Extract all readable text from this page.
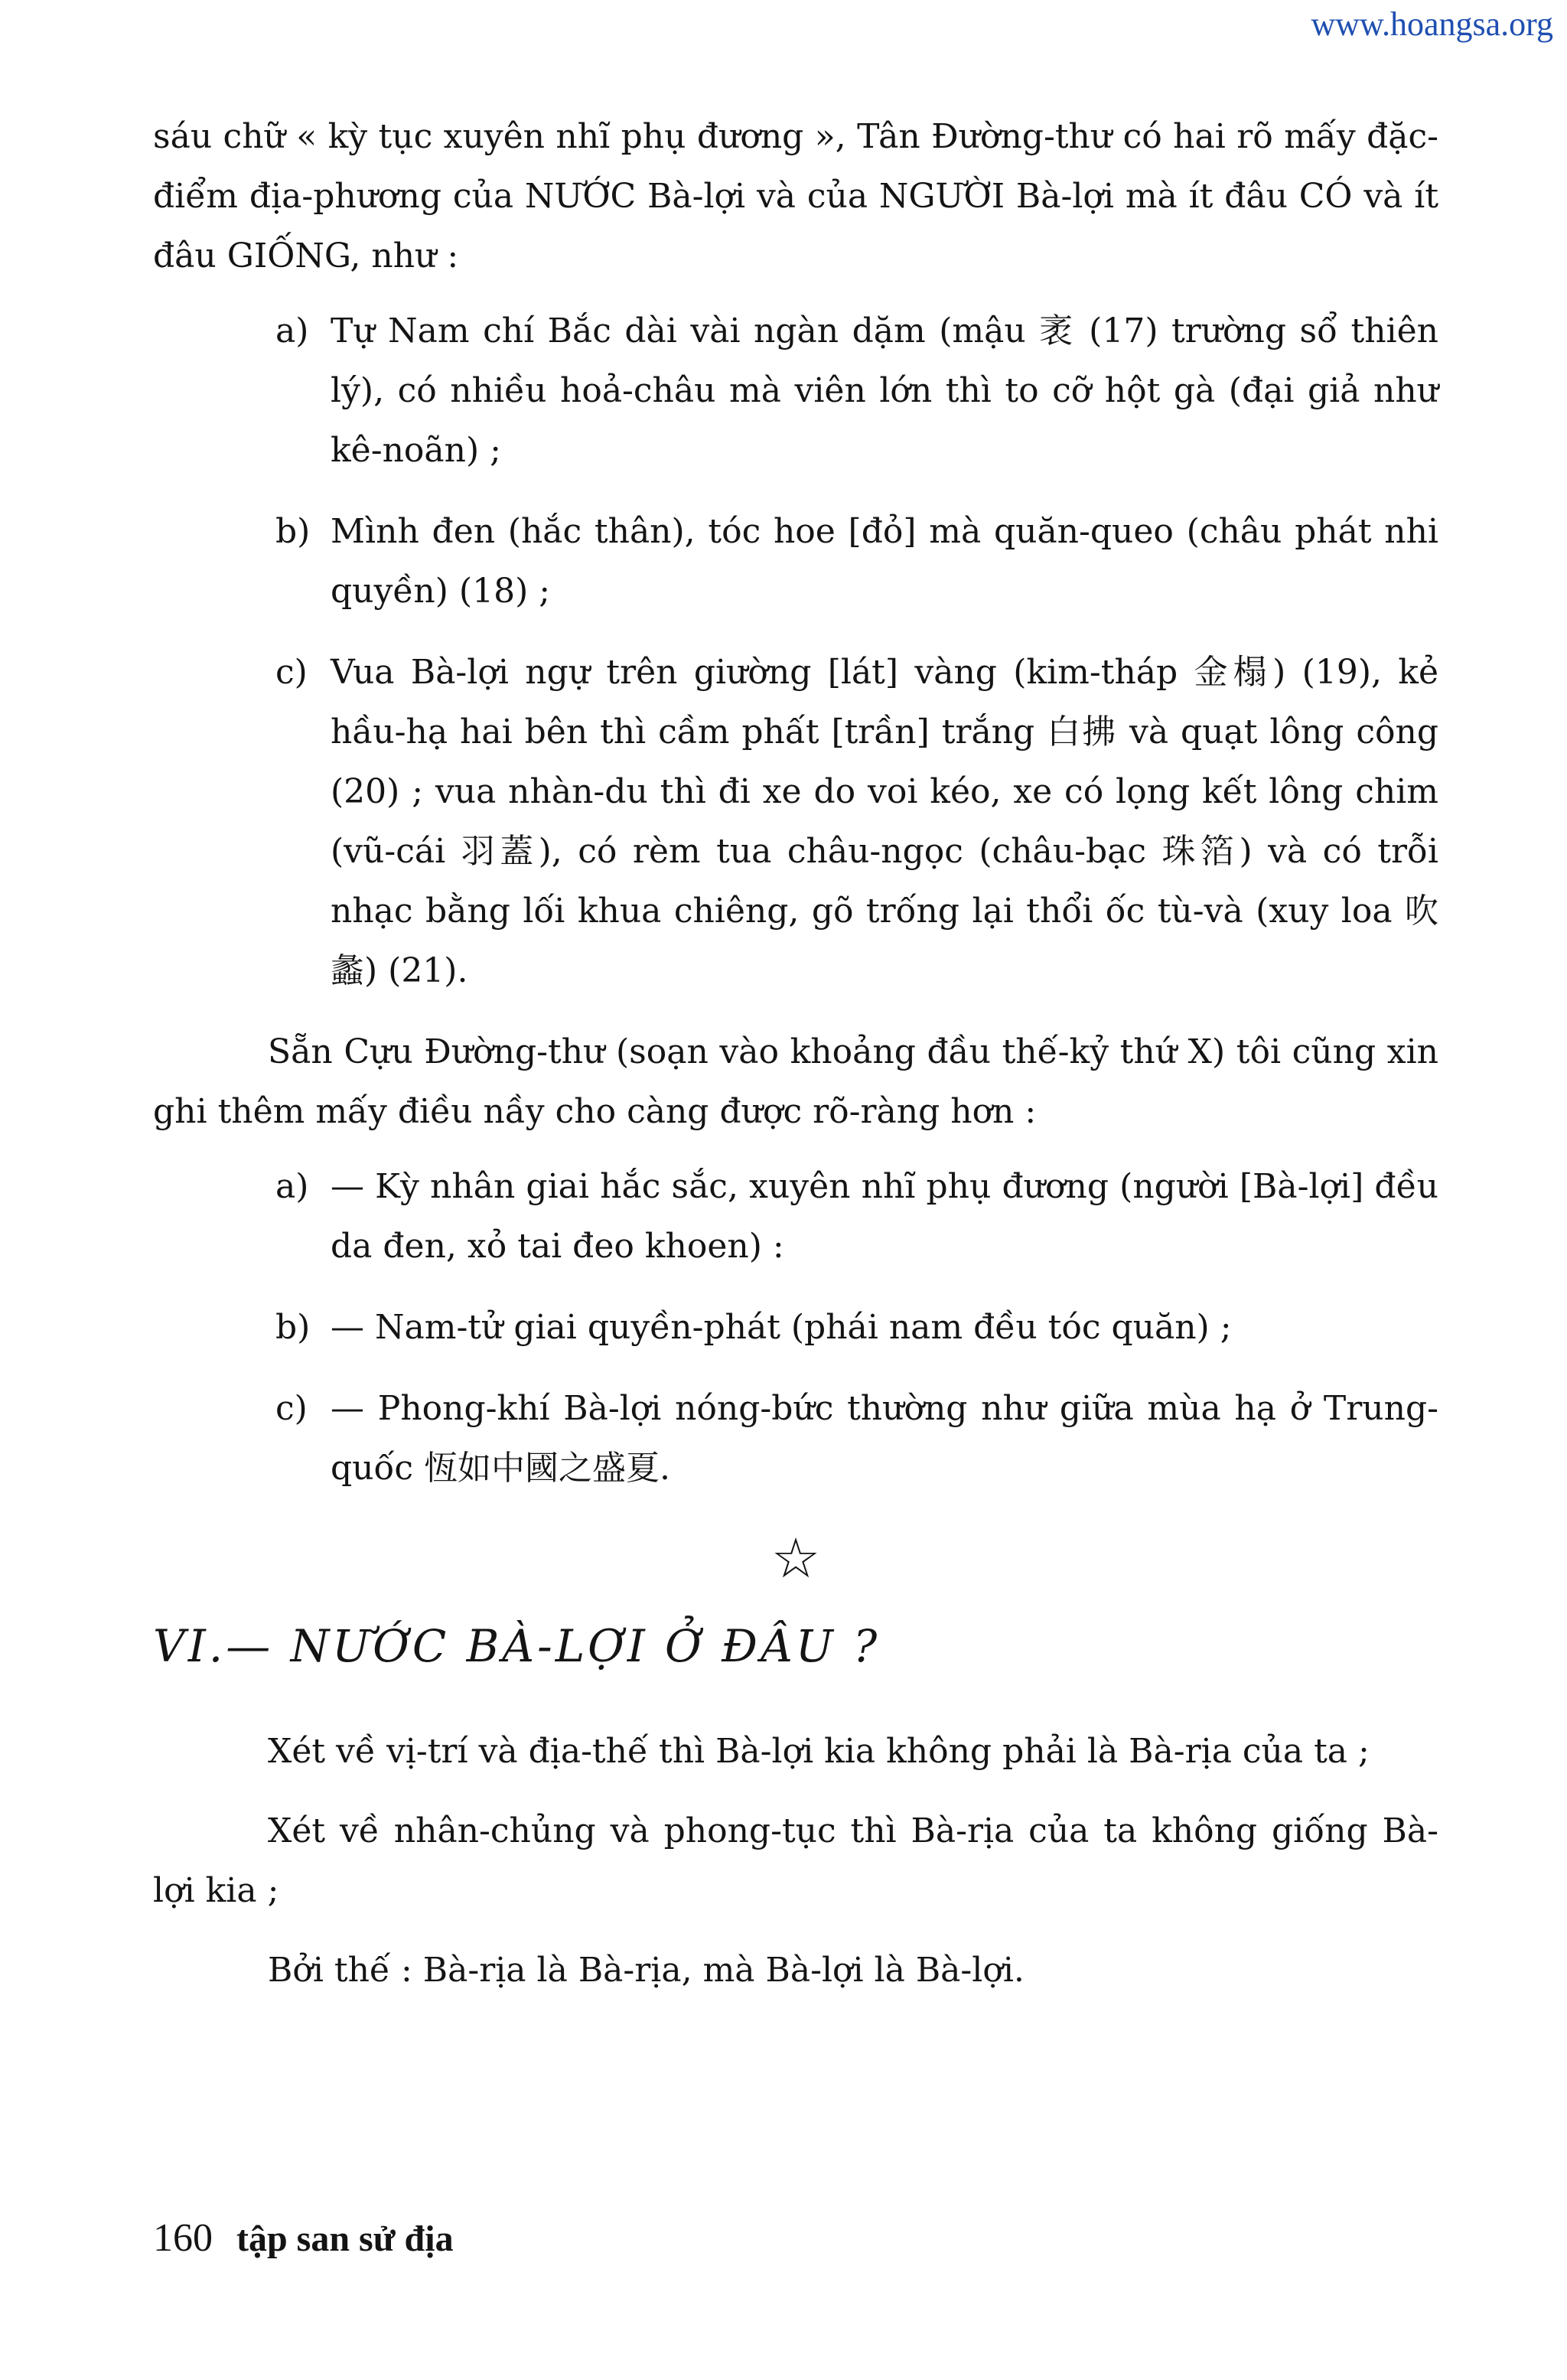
www.hoangsa.org

sáu chữ « kỳ tục xuyên nhĩ phụ đương », Tân Đường-thư có hai rõ mấy đặc-điểm địa-phương của NƯỚC Bà-lợi và của NGƯỜI Bà-lợi mà ít đâu CÓ và ít đâu GIỐNG, như :

a) Tự Nam chí Bắc dài vài ngàn dặm (mậu 袤 (17) trường sổ thiên lý), có nhiều hoả-châu mà viên lớn thì to cỡ hột gà (đại giả như kê-noãn) ;
b) Mình đen (hắc thân), tóc hoe [đỏ] mà quăn-queo (châu phát nhi quyền) (18) ;
c) Vua Bà-lợi ngự trên giường [lát] vàng (kim-tháp 金榻) (19), kẻ hầu-hạ hai bên thì cầm phất [trần] trắng 白拂 và quạt lông công (20) ; vua nhàn-du thì đi xe do voi kéo, xe có lọng kết lông chim (vũ-cái 羽蓋), có rèm tua châu-ngọc (châu-bạc 珠箔) và có trỗi nhạc bằng lối khua chiêng, gõ trống lại thổi ốc tù-và (xuy loa 吹蠡) (21).

Sẵn Cựu Đường-thư (soạn vào khoảng đầu thế-kỷ thứ X) tôi cũng xin ghi thêm mấy điều nầy cho càng được rõ-ràng hơn :

a) — Kỳ nhân giai hắc sắc, xuyên nhĩ phụ đương (người [Bà-lợi] đều da đen, xỏ tai đeo khoen) :
b) — Nam-tử giai quyền-phát (phái nam đều tóc quăn) ;
c) — Phong-khí Bà-lợi nóng-bức thường như giữa mùa hạ ở Trung-quốc 恆如中國之盛夏.
☆
VI.— NƯỚC BÀ-LỢI Ở ĐÂU ?

Xét về vị-trí và địa-thế thì Bà-lợi kia không phải là Bà-rịa của ta ;

Xét về nhân-chủng và phong-tục thì Bà-rịa của ta không giống Bà-lợi kia ;

Bởi thế : Bà-rịa là Bà-rịa, mà Bà-lợi là Bà-lợi.

160 tập san sử địa
